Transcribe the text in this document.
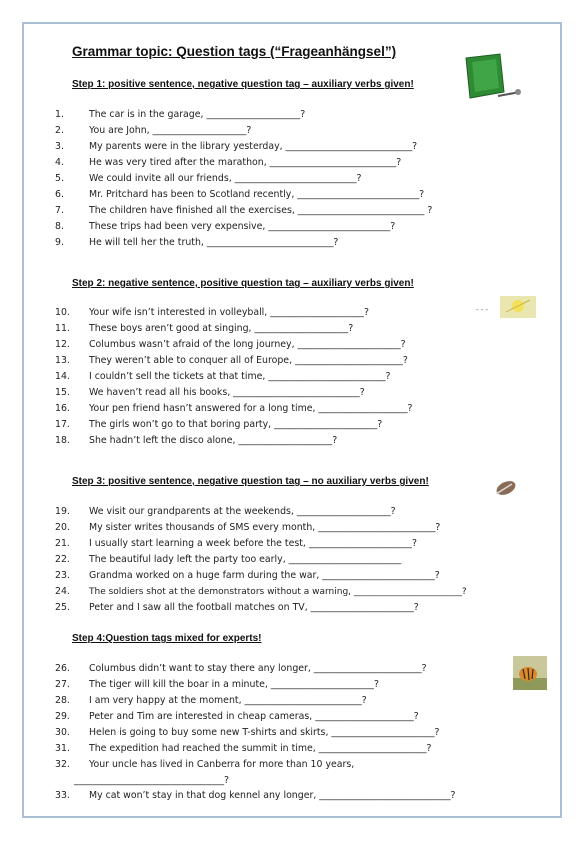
Grammar topic: Question tags (“Frageanhängsel”)
- - -
Step 1: positive sentence, negative question tag – auxiliary verbs given!
1.	The car is in the garage, ____________________?
2.	You are John, ____________________?
3.	My parents were in the library yesterday, ___________________________?
4.	He was very tired after the marathon, ___________________________?
5.	We could invite all our friends, __________________________?
6.	Mr. Pritchard has been to Scotland recently, __________________________?
7.	The children have finished all the exercises, ___________________________ ?
8.	These trips had been very expensive, __________________________?
9.	He will tell her the truth, ___________________________?
Step 2: negative sentence, positive question tag – auxiliary verbs given!
10.	Your wife isn’t interested in volleyball, ____________________?
11.	These boys aren’t good at singing, ____________________?
12.	Columbus wasn’t afraid of the long journey, ______________________?
13.	They weren’t able to conquer all of Europe, _______________________?
14.	I couldn’t sell the tickets at that time, _________________________?
15.	We haven’t read all his books, ___________________________?
16.	Your pen friend hasn’t answered for a long time, ___________________?
17.	The girls won’t go to that boring party, ______________________?
18.	She hadn’t left the disco alone, ____________________?
Step 3: positive sentence, negative question tag – no auxiliary verbs given!
19.	We visit our grandparents at the weekends, ____________________?
20.	My sister writes thousands of SMS every month, _________________________?
21.	I usually start learning a week before the test, ______________________?
22.	The beautiful lady left the party too early, ________________________
23.	Grandma worked on a huge farm during the war, ________________________?
24.	The soldiers shot at the demonstrators without a warning, ________________________?
25.	Peter and I saw all the football matches on TV, ______________________?
Step 4:Question tags mixed for experts!
26.	Columbus didn’t want to stay there any longer, _______________________?
27.	The tiger will kill the boar in a minute, ______________________?
28.	I am very happy at the moment, _________________________?
29.	Peter and Tim are interested in cheap cameras, _____________________?
30.	Helen is going to buy some new T-shirts and skirts, ______________________?
31.	The expedition had reached the summit in time, _______________________?
32.	Your uncle has lived in Canberra for more than 10 years,
________________________________?
33.	My cat won’t stay in that dog kennel any longer, ____________________________?
